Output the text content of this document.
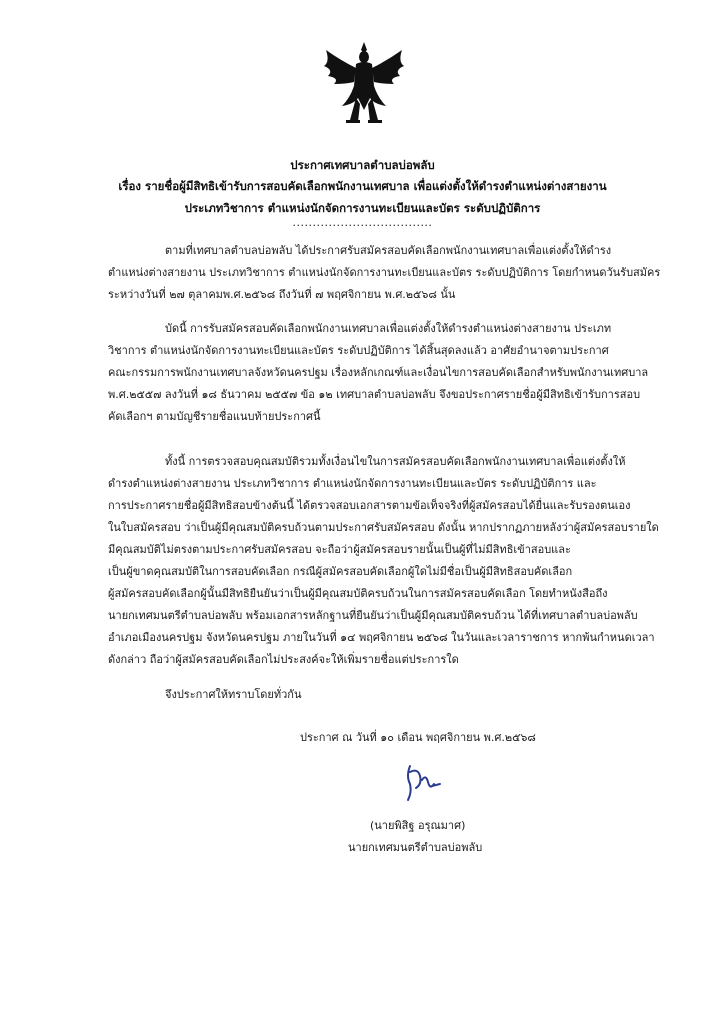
ประกาศเทศบาลตำบลบ่อพลับ
เรื่อง รายชื่อผู้มีสิทธิเข้ารับการสอบคัดเลือกพนักงานเทศบาล เพื่อแต่งตั้งให้ดำรงตำแหน่งต่างสายงาน
ประเภทวิชาการ ตำแหน่งนักจัดการงานทะเบียนและบัตร ระดับปฏิบัติการ
...................................
ตามที่เทศบาลตำบลบ่อพลับ ได้ประกาศรับสมัครสอบคัดเลือกพนักงานเทศบาลเพื่อแต่งตั้งให้ดำรง
ตำแหน่งต่างสายงาน ประเภทวิชาการ ตำแหน่งนักจัดการงานทะเบียนและบัตร ระดับปฏิบัติการ โดยกำหนดวันรับสมัคร
ระหว่างวันที่ ๒๗ ตุลาคมพ.ศ.๒๕๖๘ ถึงวันที่ ๗ พฤศจิกายน พ.ศ.๒๕๖๘ นั้น
บัดนี้ การรับสมัครสอบคัดเลือกพนักงานเทศบาลเพื่อแต่งตั้งให้ดำรงตำแหน่งต่างสายงาน ประเภท
วิชาการ ตำแหน่งนักจัดการงานทะเบียนและบัตร ระดับปฏิบัติการ ได้สิ้นสุดลงแล้ว อาศัยอำนาจตามประกาศ
คณะกรรมการพนักงานเทศบาลจังหวัดนครปฐม เรื่องหลักเกณฑ์และเงื่อนไขการสอบคัดเลือกสำหรับพนักงานเทศบาล
พ.ศ.๒๕๕๗ ลงวันที่ ๑๘ ธันวาคม ๒๕๕๗ ข้อ ๑๒ เทศบาลตำบลบ่อพลับ จึงขอประกาศรายชื่อผู้มีสิทธิเข้ารับการสอบ
คัดเลือกฯ ตามบัญชีรายชื่อแนบท้ายประกาศนี้
ทั้งนี้ การตรวจสอบคุณสมบัติรวมทั้งเงื่อนไขในการสมัครสอบคัดเลือกพนักงานเทศบาลเพื่อแต่งตั้งให้
ดำรงตำแหน่งต่างสายงาน ประเภทวิชาการ ตำแหน่งนักจัดการงานทะเบียนและบัตร ระดับปฏิบัติการ และ
การประกาศรายชื่อผู้มีสิทธิสอบข้างต้นนี้ ได้ตรวจสอบเอกสารตามข้อเท็จจริงที่ผู้สมัครสอบได้ยื่นและรับรองตนเอง
ในใบสมัครสอบ ว่าเป็นผู้มีคุณสมบัติครบถ้วนตามประกาศรับสมัครสอบ ดังนั้น หากปรากฏภายหลังว่าผู้สมัครสอบรายใด
มีคุณสมบัติไม่ตรงตามประกาศรับสมัครสอบ จะถือว่าผู้สมัครสอบรายนั้นเป็นผู้ที่ไม่มีสิทธิเข้าสอบและ
เป็นผู้ขาดคุณสมบัติในการสอบคัดเลือก กรณีผู้สมัครสอบคัดเลือกผู้ใดไม่มีชื่อเป็นผู้มีสิทธิสอบคัดเลือก
ผู้สมัครสอบคัดเลือกผู้นั้นมีสิทธิยืนยันว่าเป็นผู้มีคุณสมบัติครบถ้วนในการสมัครสอบคัดเลือก โดยทำหนังสือถึง
นายกเทศมนตรีตำบลบ่อพลับ พร้อมเอกสารหลักฐานที่ยืนยันว่าเป็นผู้มีคุณสมบัติครบถ้วน ได้ที่เทศบาลตำบลบ่อพลับ
อำเภอเมืองนครปฐม จังหวัดนครปฐม ภายในวันที่ ๑๔ พฤศจิกายน ๒๕๖๘ ในวันและเวลาราชการ หากพ้นกำหนดเวลา
ดังกล่าว ถือว่าผู้สมัครสอบคัดเลือกไม่ประสงค์จะให้เพิ่มรายชื่อแต่ประการใด
จึงประกาศให้ทราบโดยทั่วกัน
ประกาศ ณ วันที่ ๑๐ เดือน พฤศจิกายน พ.ศ.๒๕๖๘
(นายพิสิฐ อรุณมาศ)
นายกเทศมนตรีตำบลบ่อพลับ
